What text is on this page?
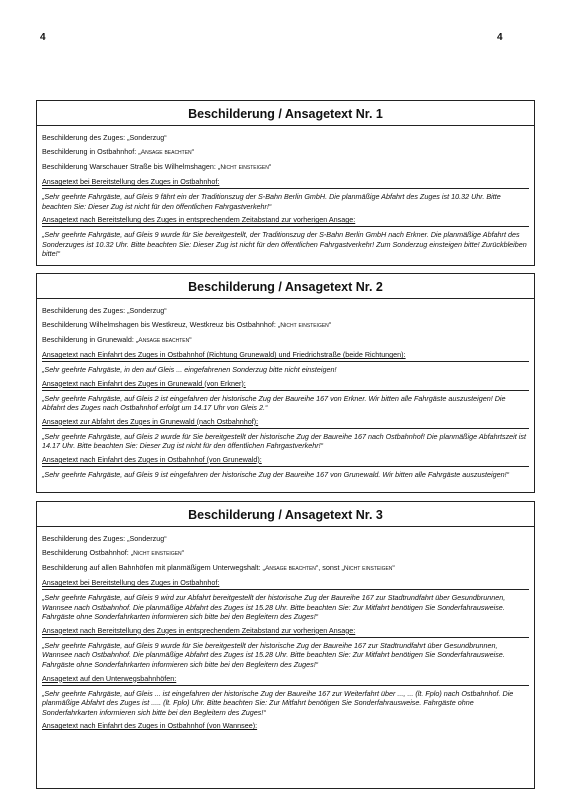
4	4
Beschilderung / Ansagetext Nr. 1
Beschilderung des Zuges: „Sonderzug“
Beschilderung in Ostbahnhof: „Ansage beachten“
Beschilderung Warschauer Straße bis Wilhelmshagen: „Nicht einsteigen“
Ansagetext bei Bereitstellung des Zuges in Ostbahnhof:
„Sehr geehrte Fahrgäste, auf Gleis 9 fährt ein der Traditionszug der S-Bahn Berlin GmbH. Die planmäßige Abfahrt des Zuges ist 10.32 Uhr. Bitte beachten Sie: Dieser Zug ist nicht für den öffentlichen Fahrgastverkehr!“
Ansagetext nach Bereitstellung des Zuges in entsprechendem Zeitabstand zur vorherigen Ansage:
„Sehr geehrte Fahrgäste, auf Gleis 9 wurde für Sie bereitgestellt, der Traditionszug der S-Bahn Berlin GmbH nach Erkner. Die planmäßige Abfahrt des Sonderzuges ist 10.32 Uhr. Bitte beachten Sie: Dieser Zug ist nicht für den öffentlichen Fahrgastverkehr! Zum Sonderzug einsteigen bitte! Zurückbleiben bitte!“
Beschilderung / Ansagetext Nr. 2
Beschilderung des Zuges: „Sonderzug“
Beschilderung Wilhelmshagen bis Westkreuz, Westkreuz bis Ostbahnhof: „Nicht einsteigen“
Beschilderung in Grunewald: „Ansage beachten“
Ansagetext nach Einfahrt des Zuges in Ostbahnhof (Richtung Grunewald) und Friedrichstraße (beide Richtungen):
„Sehr geehrte Fahrgäste, in den auf Gleis ... eingefahrenen Sonderzug bitte nicht einsteigen!
Ansagetext nach Einfahrt des Zuges in Grunewald (von Erkner):
„Sehr geehrte Fahrgäste, auf Gleis 2 ist eingefahren der historische Zug der Baureihe 167 von Erkner. Wir bitten alle Fahrgäste auszusteigen! Die Abfahrt des Zuges nach Ostbahnhof erfolgt um 14.17 Uhr von Gleis 2.“
Ansagetext zur Abfahrt des Zuges in Grunewald (nach Ostbahnhof):
„Sehr geehrte Fahrgäste, auf Gleis 2 wurde für Sie bereitgestellt der historische Zug der Baureihe 167 nach Ostbahnhof! Die planmäßige Abfahrtszeit ist 14.17 Uhr. Bitte beachten Sie: Dieser Zug ist nicht für den öffentlichen Fahrgastverkehr!“
Ansagetext nach Einfahrt des Zuges in Ostbahnhof (von Grunewald):
„Sehr geehrte Fahrgäste, auf Gleis 9 ist eingefahren der historische Zug der Baureihe 167 von Grunewald. Wir bitten alle Fahrgäste auszusteigen!“
Beschilderung / Ansagetext Nr. 3
Beschilderung des Zuges: „Sonderzug“
Beschilderung Ostbahnhof: „Nicht einsteigen“
Beschilderung auf allen Bahnhöfen mit planmäßigem Unterwegshalt: „Ansage beachten“, sonst „Nicht einsteigen“
Ansagetext bei Bereitstellung des Zuges in Ostbahnhof:
„Sehr geehrte Fahrgäste, auf Gleis 9 wird zur Abfahrt bereitgestellt der historische Zug der Baureihe 167 zur Stadtrundfahrt über Gesundbrunnen, Wannsee nach Ostbahnhof. Die planmäßige Abfahrt des Zuges ist 15.28 Uhr. Bitte beachten Sie: Zur Mitfahrt benötigen Sie Sonderfahrausweise. Fahrgäste ohne Sonderfahrkarten informieren sich bitte bei den Begleitern des Zuges!“
Ansagetext nach Bereitstellung des Zuges in entsprechendem Zeitabstand zur vorherigen Ansage:
„Sehr geehrte Fahrgäste, auf Gleis 9 wurde für Sie bereitgestellt der historische Zug der Baureihe 167 zur Stadtrundfahrt über Gesundbrunnen, Wannsee nach Ostbahnhof. Die planmäßige Abfahrt des Zuges ist 15.28 Uhr. Bitte beachten Sie: Zur Mitfahrt benötigen Sie Sonderfahrausweise. Fahrgäste ohne Sonderfahrkarten informieren sich bitte bei den Begleitern des Zuges!“
Ansagetext auf den Unterwegsbahnhöfen:
„Sehr geehrte Fahrgäste, auf Gleis ... ist eingefahren der historische Zug der Baureihe 167 zur Weiterfahrt über ..., ... (lt. Fplo) nach Ostbahnhof. Die planmäßige Abfahrt des Zuges ist ..... (lt. Fplo) Uhr. Bitte beachten Sie: Zur Mitfahrt benötigen Sie Sonderfahrausweise. Fahrgäste ohne Sonderfahrkarten informieren sich bitte bei den Begleitern des Zuges!“
Ansagetext nach Einfahrt des Zuges in Ostbahnhof (von Wannsee):
